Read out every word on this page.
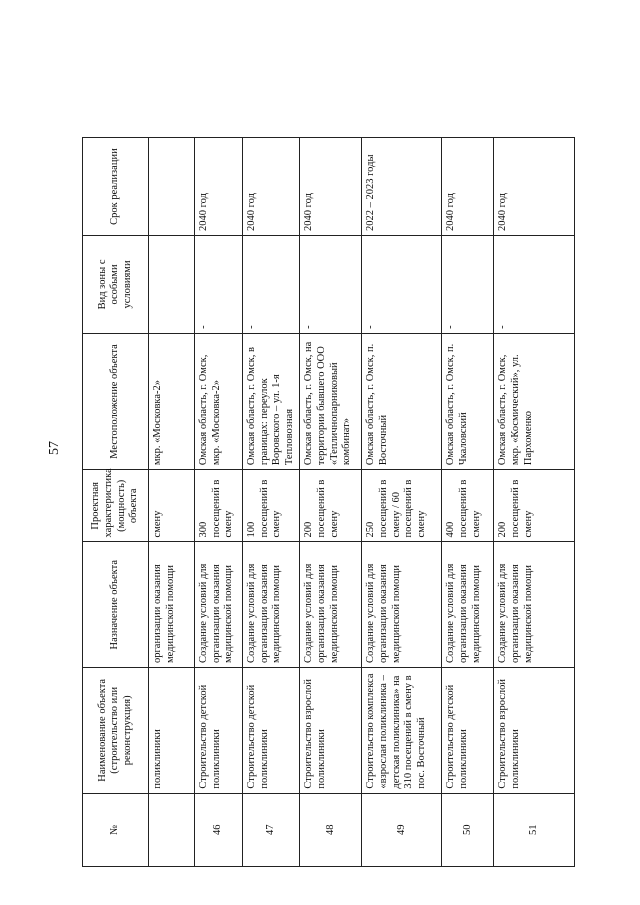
57
№	Наименование объекта (строительство или реконструкция)	Назначение объекта	Проектная характеристика (мощность) объекта	Местоположение объекта	Вид зоны с особыми условиями	Срок реализации
	поликлиники	организации оказания медицинской помощи	смену	мкр. «Московка-2»		
46	Строительство детской поликлиники	Создание условий для организации оказания медицинской помощи	300 посещений в смену	Омская область, г. Омск, мкр. «Московка-2»	-	2040 год
47	Строительство детской поликлиники	Создание условий для организации оказания медицинской помощи	100 посещений в смену	Омская область, г. Омск, в границах: переулок Воровского – ул. 1-я Тепловозная	-	2040 год
48	Строительство взрослой поликлиники	Создание условий для организации оказания медицинской помощи	200 посещений в смену	Омская область, г. Омск, на территории бывшего ООО «Тепличнопарниковый комбинат»	-	2040 год
49	Строительство комплекса «взрослая поликлиника – детская поликлиника» на 310 посещений в смену в пос. Восточный	Создание условий для организации оказания медицинской помощи	250 посещений в смену / 60 посещений в смену	Омская область, г. Омск, п. Восточный	-	2022 – 2023 годы
50	Строительство детской поликлиники	Создание условий для организации оказания медицинской помощи	400 посещений в смену	Омская область, г. Омск, п. Чкаловский	-	2040 год
51	Строительство взрослой поликлиники	Создание условий для организации оказания медицинской помощи	200 посещений в смену	Омская область, г. Омск, мкр. «Космический», ул. Пархоменко	-	2040 год
